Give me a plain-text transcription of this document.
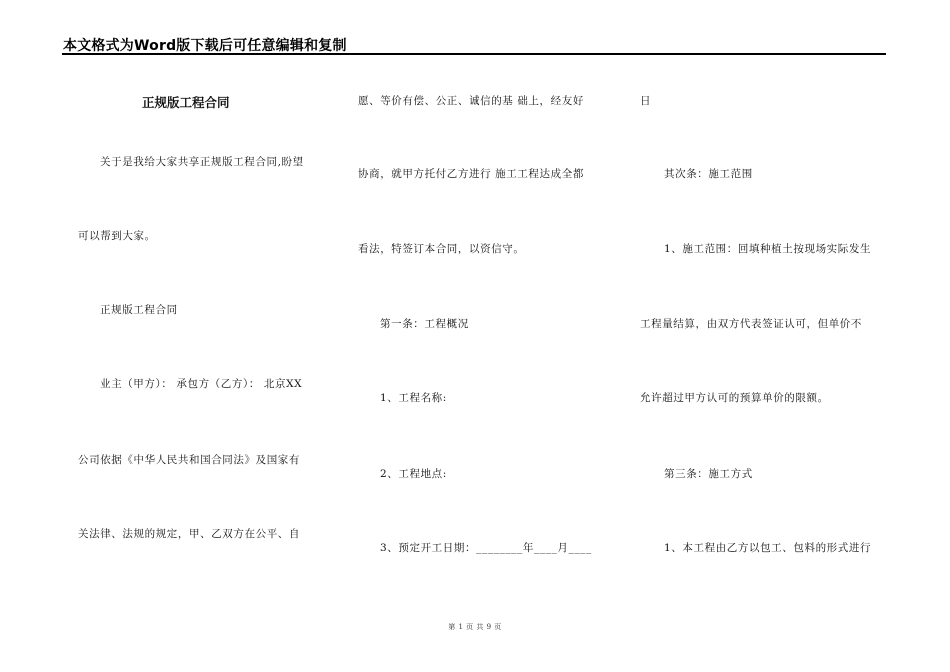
本文格式为Word版下载后可任意编辑和复制
正规版工程合同
关于是我给大家共享正规版工程合同,盼望
可以帮到大家。
正规版工程合同
业主（甲方）： 承包方（乙方）： 北京XX
公司依据《中华人民共和国合同法》及国家有
关法律、法规的规定，甲、乙双方在公平、自
愿、等价有偿、公正、诚信的基 础上，经友好
协商，就甲方托付乙方进行 施工工程达成全都
看法，特签订本合同，以资信守。
第一条：工程概况
1、工程名称:
2、工程地点:
3、预定开工日期：________年____月____
日
其次条：施工范围
1、施工范围：回填种植土按现场实际发生
工程量结算，由双方代表签证认可，但单价不
允许超过甲方认可的预算单价的限额。
第三条：施工方式
1、本工程由乙方以包工、包料的形式进行
第 1 页 共 9 页
